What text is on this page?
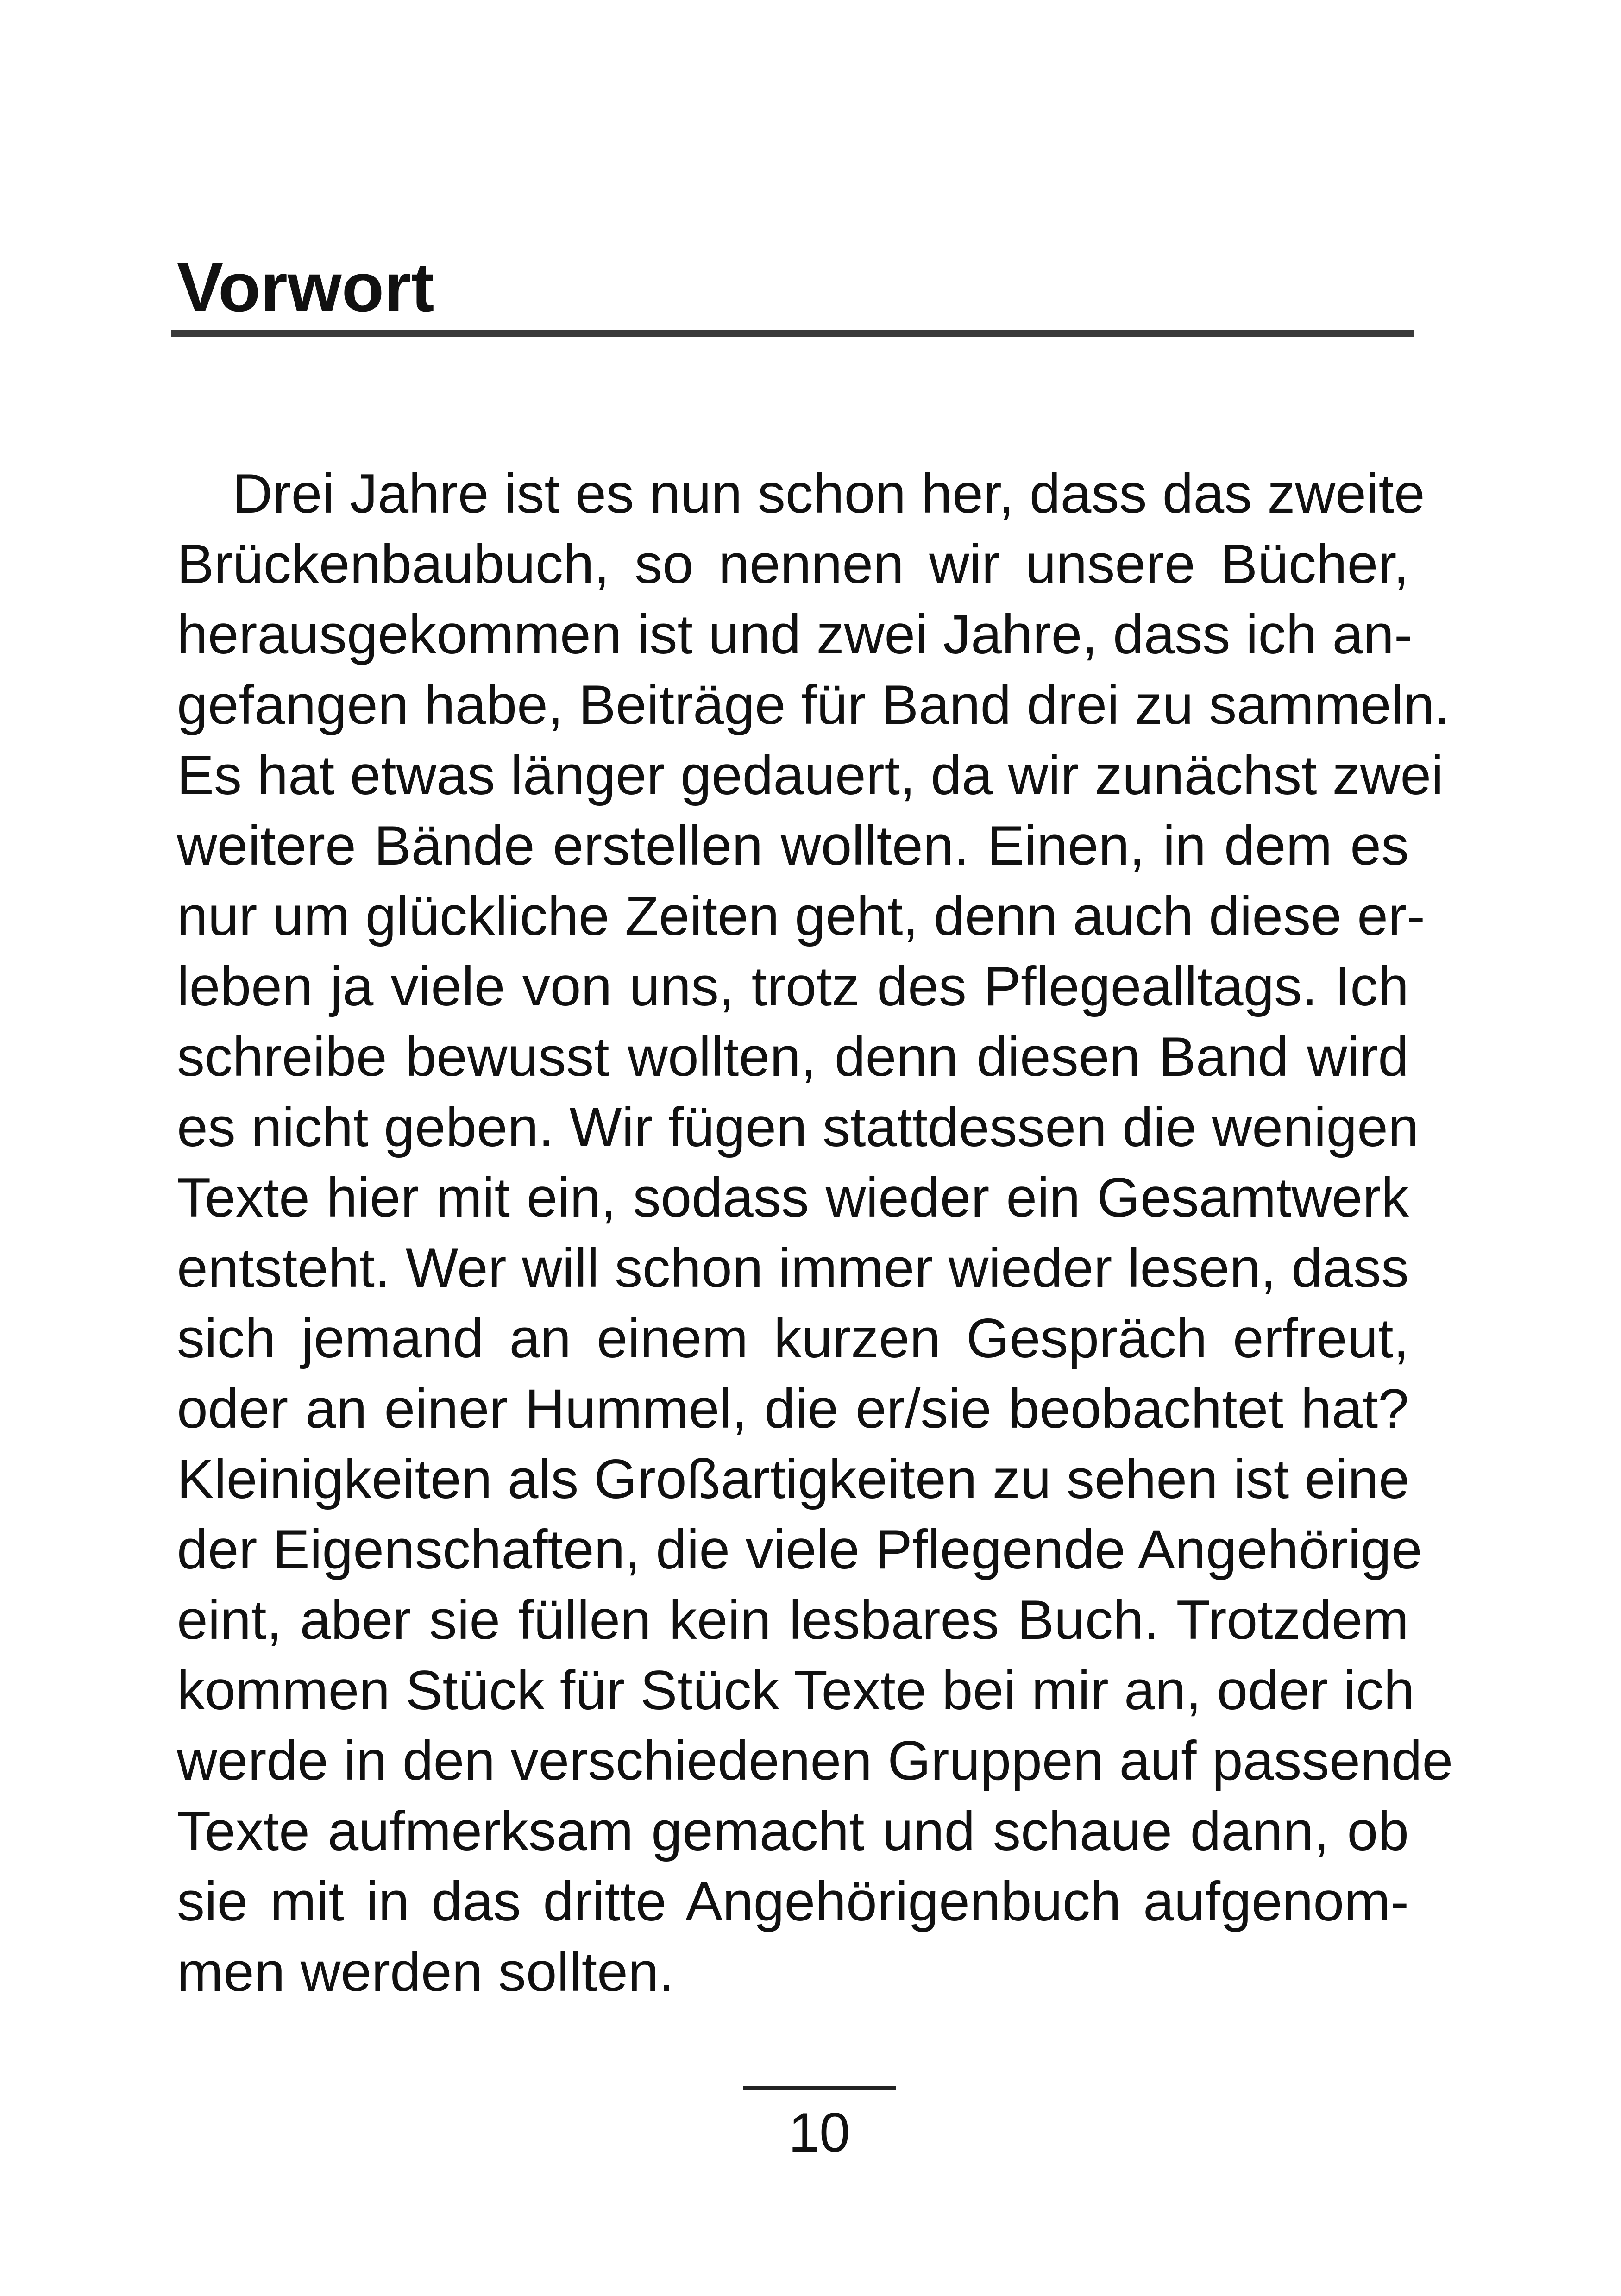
Vorwort
Drei Jahre ist es nun schon her, dass das zweite
Brückenbaubuch, so nennen wir unsere Bücher,
herausgekommen ist und zwei Jahre, dass ich an-
gefangen habe, Beiträge für Band drei zu sammeln.
Es hat etwas länger gedauert, da wir zunächst zwei
weitere Bände erstellen wollten. Einen, in dem es
nur um glückliche Zeiten geht, denn auch diese er-
leben ja viele von uns, trotz des Pflegealltags. Ich
schreibe bewusst wollten, denn diesen Band wird
es nicht geben. Wir fügen stattdessen die wenigen
Texte hier mit ein, sodass wieder ein Gesamtwerk
entsteht. Wer will schon immer wieder lesen, dass
sich jemand an einem kurzen Gespräch erfreut,
oder an einer Hummel, die er/sie beobachtet hat?
Kleinigkeiten als Großartigkeiten zu sehen ist eine
der Eigenschaften, die viele Pflegende Angehörige
eint, aber sie füllen kein lesbares Buch. Trotzdem
kommen Stück für Stück Texte bei mir an, oder ich
werde in den verschiedenen Gruppen auf passende
Texte aufmerksam gemacht und schaue dann, ob
sie mit in das dritte Angehörigenbuch aufgenom-
men werden sollten.
10
